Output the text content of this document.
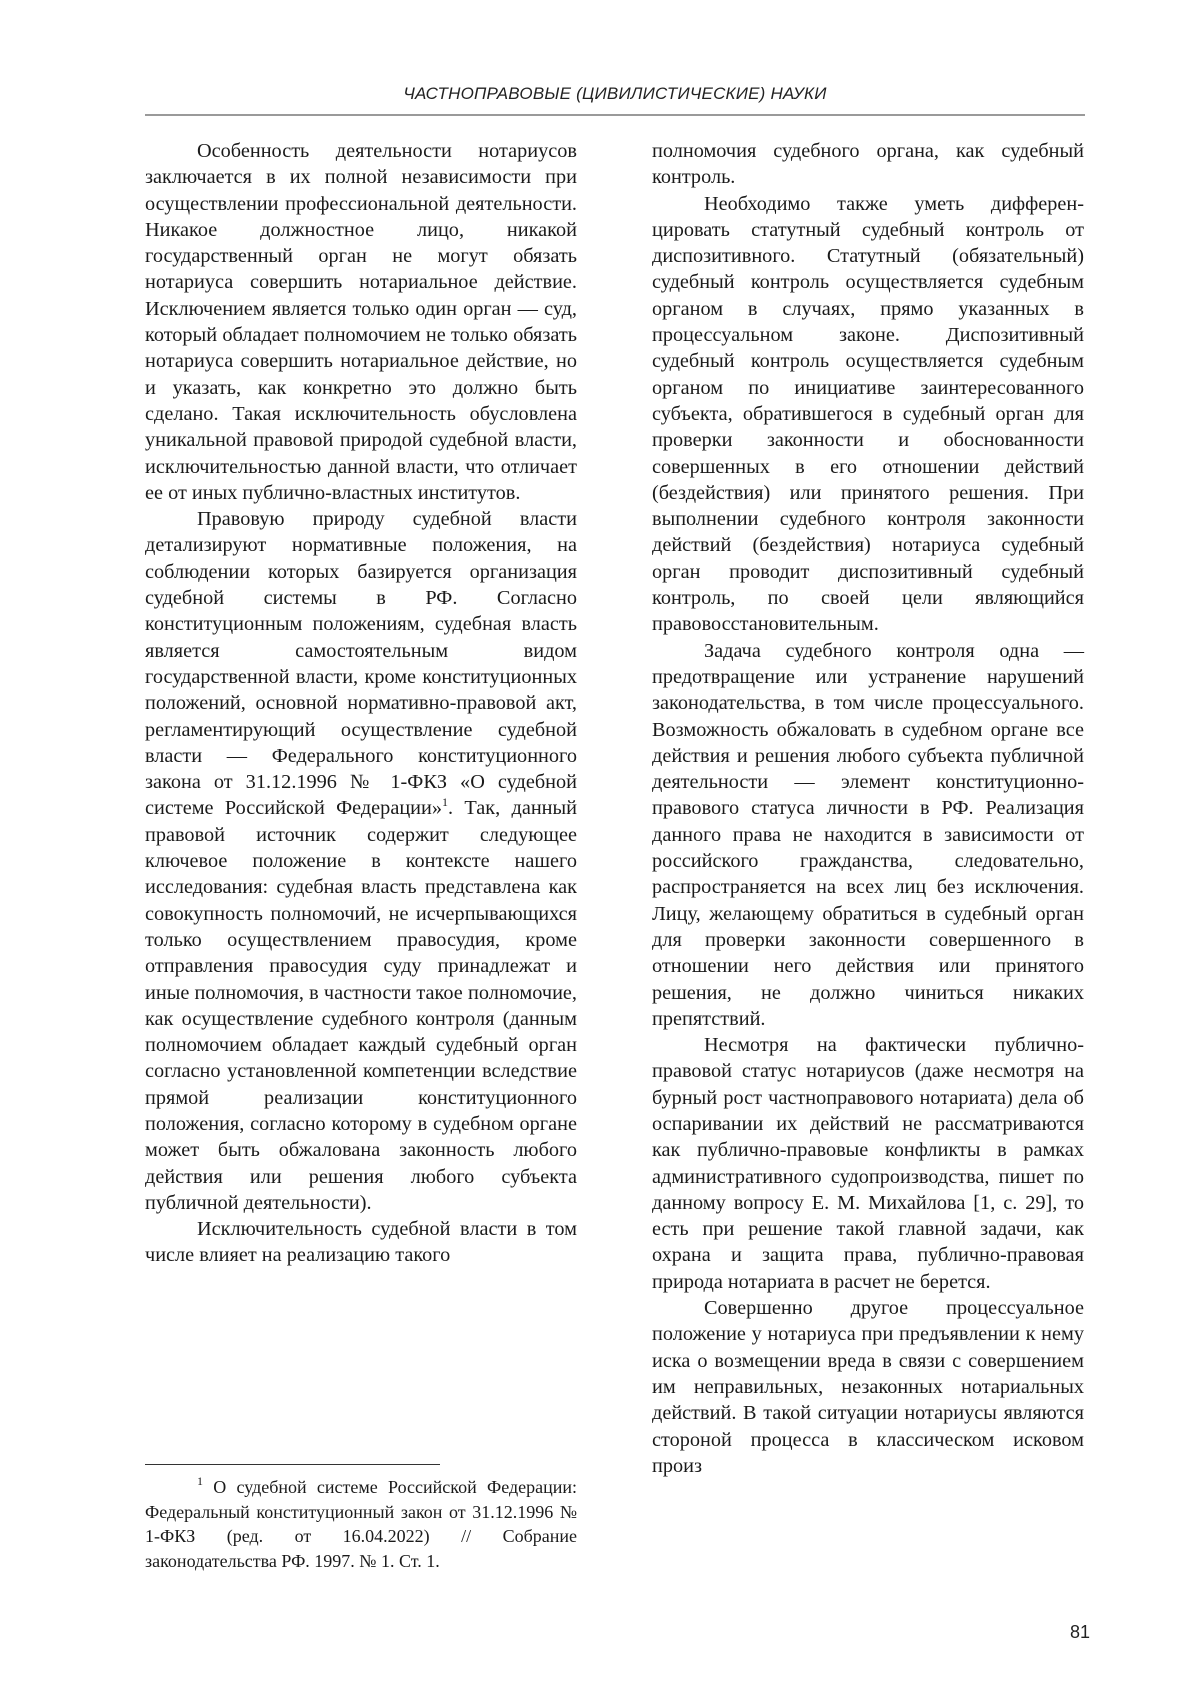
ЧАСТНОПРАВОВЫЕ (ЦИВИЛИСТИЧЕСКИЕ) НАУКИ

Особенность деятельности нотариусов заключается в их полной независимости при осуществлении профессиональной деятельности. Никакое должностное лицо, никакой государственный орган не могут обязать нотариуса совершить нотариальное действие. Исключением является только один орган — суд, который обладает полномочием не только обязать нотариуса совершить нотариальное действие, но и указать, как конкретно это должно быть сделано. Такая исключительность обусловлена уникальной правовой природой судебной власти, исключительностью данной власти, что отличает ее от иных публично-властных институтов.

Правовую природу судебной власти детализируют нормативные положения, на соблюдении которых базируется организация судебной системы в РФ. Согласно конституционным положениям, судебная власть является самостоятельным видом государственной власти, кроме конституционных положений, основной нормативно-правовой акт, регламентирующий осуществление судебной власти — Федерального конституционного закона от 31.12.1996 № 1-ФКЗ «О судебной системе Российской Федерации»$^1$. Так, данный правовой источник содержит следующее ключевое положение в контексте нашего исследования: судебная власть представлена как совокупность полномочий, не исчерпывающихся только осуществлением правосудия, кроме отправления правосудия суду принадлежат и иные полномочия, в частности такое полномочие, как осуществление судебного контроля (данным полномочием обладает каждый судебный орган согласно установленной компетенции вследствие прямой реализации конституционного положения, согласно которому в судебном органе может быть обжалована законность любого действия или решения любого субъекта публичной деятельности).

Исключительность судебной власти в том числе влияет на реализацию такого

полномочия судебного органа, как судебный контроль.

Необходимо также уметь дифференцировать статутный судебный контроль от диспозитивного. Статутный (обязательный) судебный контроль осуществляется судебным органом в случаях, прямо указанных в процессуальном законе. Диспозитивный судебный контроль осуществляется судебным органом по инициативе заинтересованного субъекта, обратившегося в судебный орган для проверки законности и обоснованности совершенных в его отношении действий (бездействия) или принятого решения. При выполнении судебного контроля законности действий (бездействия) нотариуса судебный орган проводит диспозитивный судебный контроль, по своей цели являющийся правовосстановительным.

Задача судебного контроля одна — предотвращение или устранение нарушений законодательства, в том числе процессуального. Возможность обжаловать в судебном органе все действия и решения любого субъекта публичной деятельности — элемент конституционно-правового статуса личности в РФ. Реализация данного права не находится в зависимости от российского гражданства, следовательно, распространяется на всех лиц без исключения. Лицу, желающему обратиться в судебный орган для проверки законности совершенного в отношении него действия или принятого решения, не должно чиниться никаких препятствий.

Несмотря на фактически публично-правовой статус нотариусов (даже несмотря на бурный рост частноправового нотариата) дела об оспаривании их действий не рассматриваются как публично-правовые конфликты в рамках административного судопроизводства, пишет по данному вопросу Е. М. Михайлова [1, с. 29], то есть при решение такой главной задачи, как охрана и защита права, публично-правовая природа нотариата в расчет не берется.

Совершенно другое процессуальное положение у нотариуса при предъявлении к нему иска о возмещении вреда в связи с совершением им неправильных, незаконных нотариальных действий. В такой ситуации нотариусы являются стороной процесса в классическом исковом произ

$^1$ О судебной системе Российской Федерации: Федеральный конституционный закон от 31.12.1996 № 1-ФКЗ (ред. от 16.04.2022) // Собрание законодательства РФ. 1997. № 1. Ст. 1.

81
